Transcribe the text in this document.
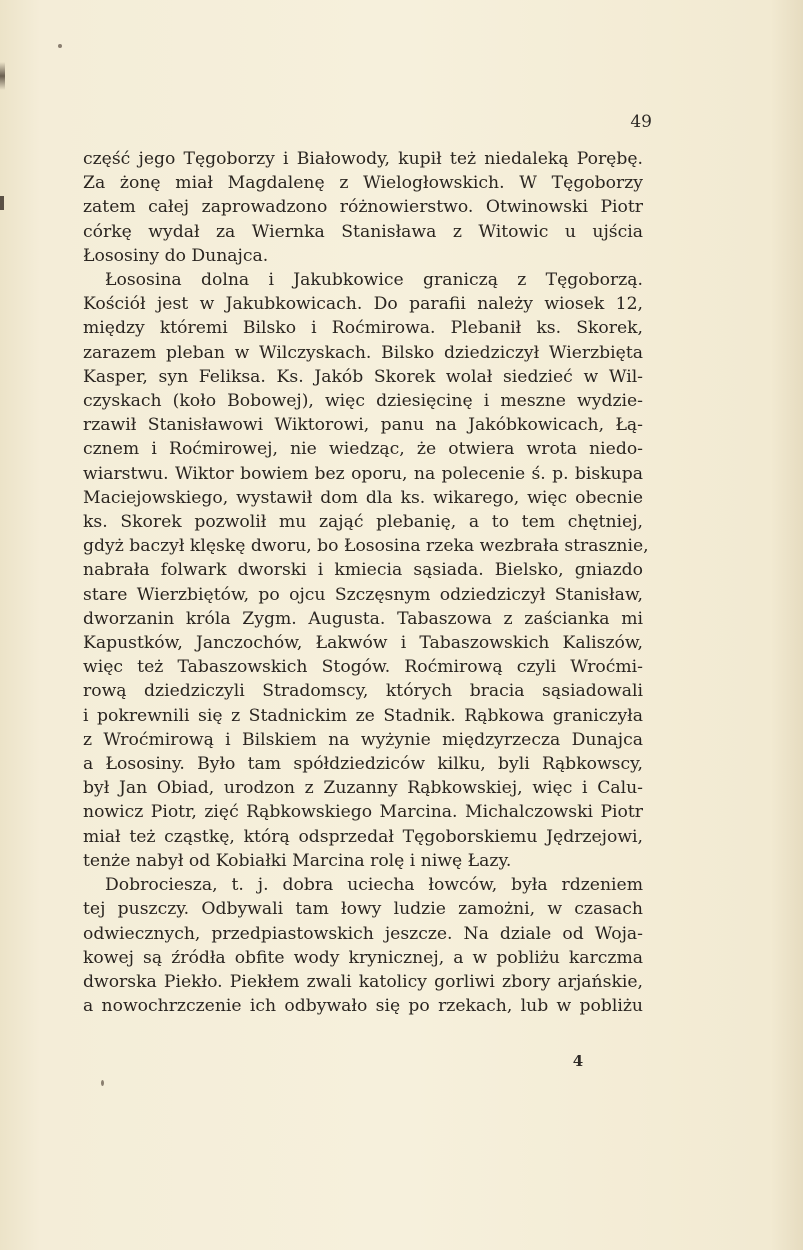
49
część jego Tęgoborzy i Białowody, kupił też niedaleką Porębę.
Za żonę miał Magdalenę z Wielogłowskich. W Tęgoborzy
zatem całej zaprowadzono różnowierstwo. Otwinowski Piotr
córkę wydał za Wiernka Stanisława z Witowic u ujścia
Łososiny do Dunajca.
Łososina dolna i Jakubkowice graniczą z Tęgoborzą.
Kościół jest w Jakubkowicach. Do parafii należy wiosek 12,
między któremi Bilsko i Roćmirowa. Plebanił ks. Skorek,
zarazem pleban w Wilczyskach. Bilsko dziedziczył Wierzbięta
Kasper, syn Feliksa. Ks. Jakób Skorek wolał siedzieć w Wil-
czyskach (koło Bobowej), więc dziesięcinę i meszne wydzie-
rzawił Stanisławowi Wiktorowi, panu na Jakóbkowicach, Łą-
cznem i Roćmirowej, nie wiedząc, że otwiera wrota niedo-
wiarstwu. Wiktor bowiem bez oporu, na polecenie ś. p. biskupa
Maciejowskiego, wystawił dom dla ks. wikarego, więc obecnie
ks. Skorek pozwolił mu zająć plebanię, a to tem chętniej,
gdyż baczył klęskę dworu, bo Łososina rzeka wezbrała strasznie,
nabrała folwark dworski i kmiecia sąsiada. Bielsko, gniazdo
stare Wierzbiętów, po ojcu Szczęsnym odziedziczył Stanisław,
dworzanin króla Zygm. Augusta. Tabaszowa z zaścianka mi
Kapustków, Janczochów, Łakwów i Tabaszowskich Kaliszów,
więc też Tabaszowskich Stogów. Roćmirową czyli Wroćmi-
rową dziedziczyli Stradomscy, których bracia sąsiadowali
i pokrewnili się z Stadnickim ze Stadnik. Rąbkowa graniczyła
z Wroćmirową i Bilskiem na wyżynie międzyrzecza Dunajca
a Łososiny. Było tam spółdziedziców kilku, byli Rąbkowscy,
był Jan Obiad, urodzon z Zuzanny Rąbkowskiej, więc i Calu-
nowicz Piotr, zięć Rąbkowskiego Marcina. Michalczowski Piotr
miał też cząstkę, którą odsprzedał Tęgoborskiemu Jędrzejowi,
tenże nabył od Kobiałki Marcina rolę i niwę Łazy.
Dobrociesza, t. j. dobra uciecha łowców, była rdzeniem
tej puszczy. Odbywali tam łowy ludzie zamożni, w czasach
odwiecznych, przedpiastowskich jeszcze. Na dziale od Woja-
kowej są źródła obfite wody krynicznej, a w pobliżu karczma
dworska Piekło. Piekłem zwali katolicy gorliwi zbory arjańskie,
a nowochrzczenie ich odbywało się po rzekach, lub w pobliżu
4
